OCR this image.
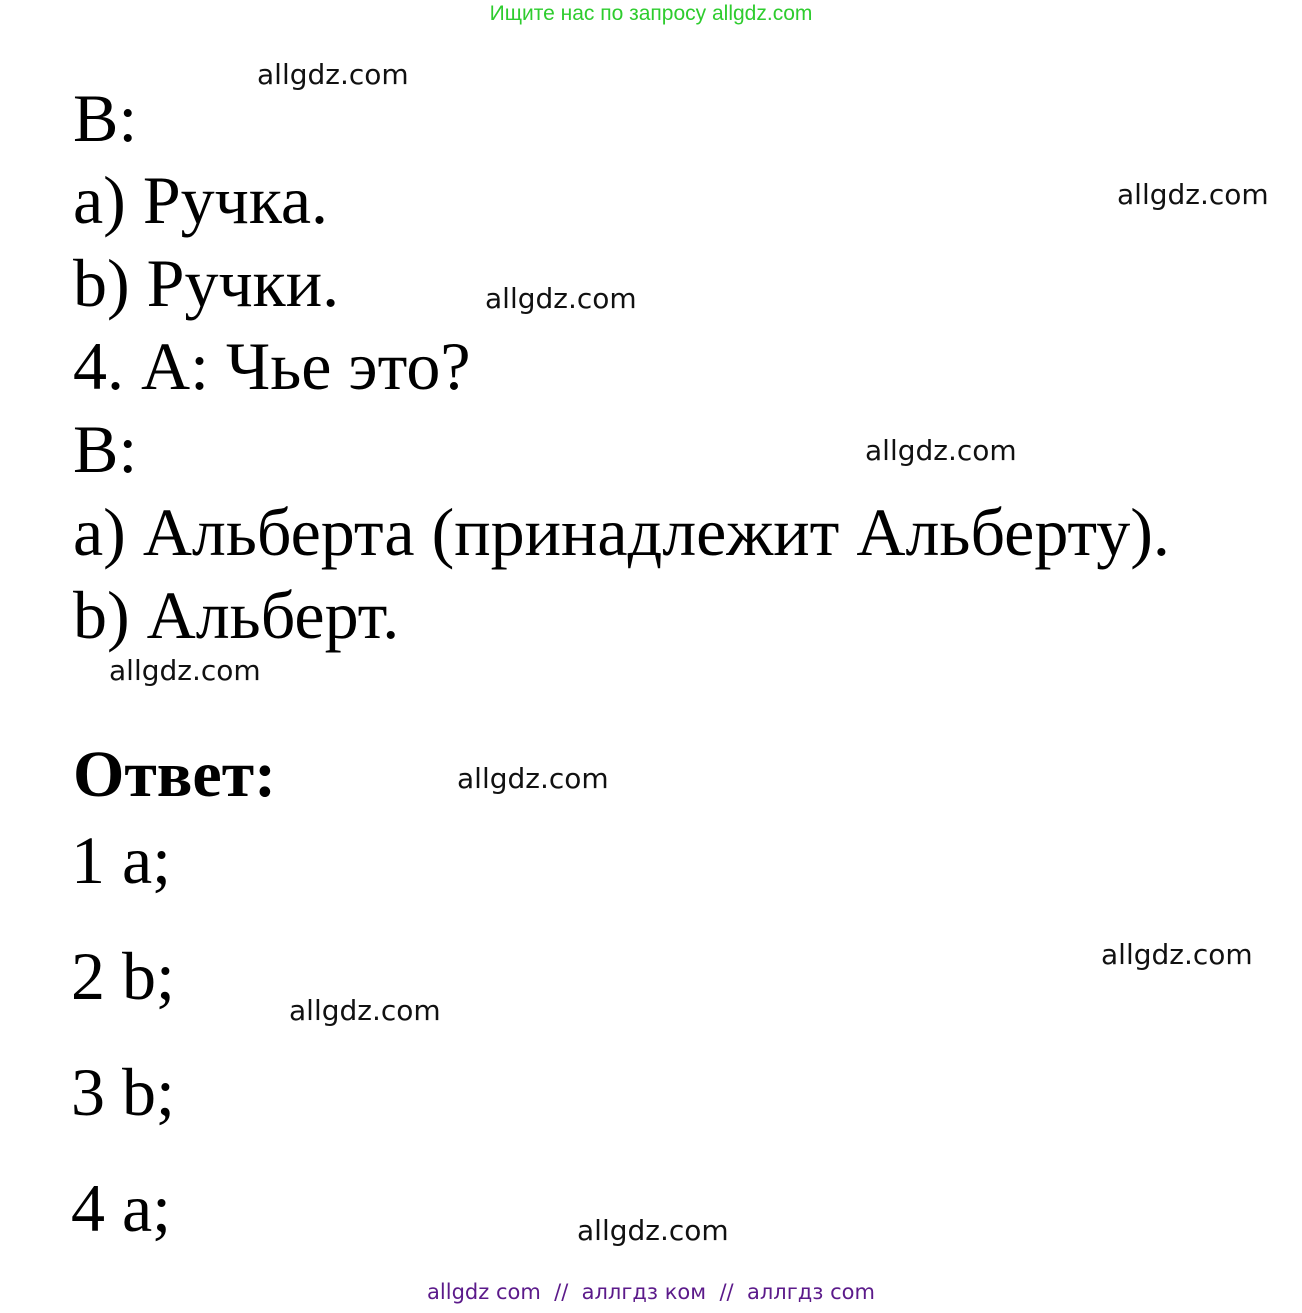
Ищите нас по запросу allgdz.com
В:
а) Ручка.
b) Ручки.
4. А: Чье это?
В:
а) Альберта (принадлежит Альберту).
b) Альберт.
Ответ:
1 а;
2 b;
3 b;
4 а;
allgdz.com
allgdz.com
allgdz.com
allgdz.com
allgdz.com
allgdz.com
allgdz.com
allgdz.com
allgdz.com
allgdz com  //  аллгдз ком  //  аллгдз com
